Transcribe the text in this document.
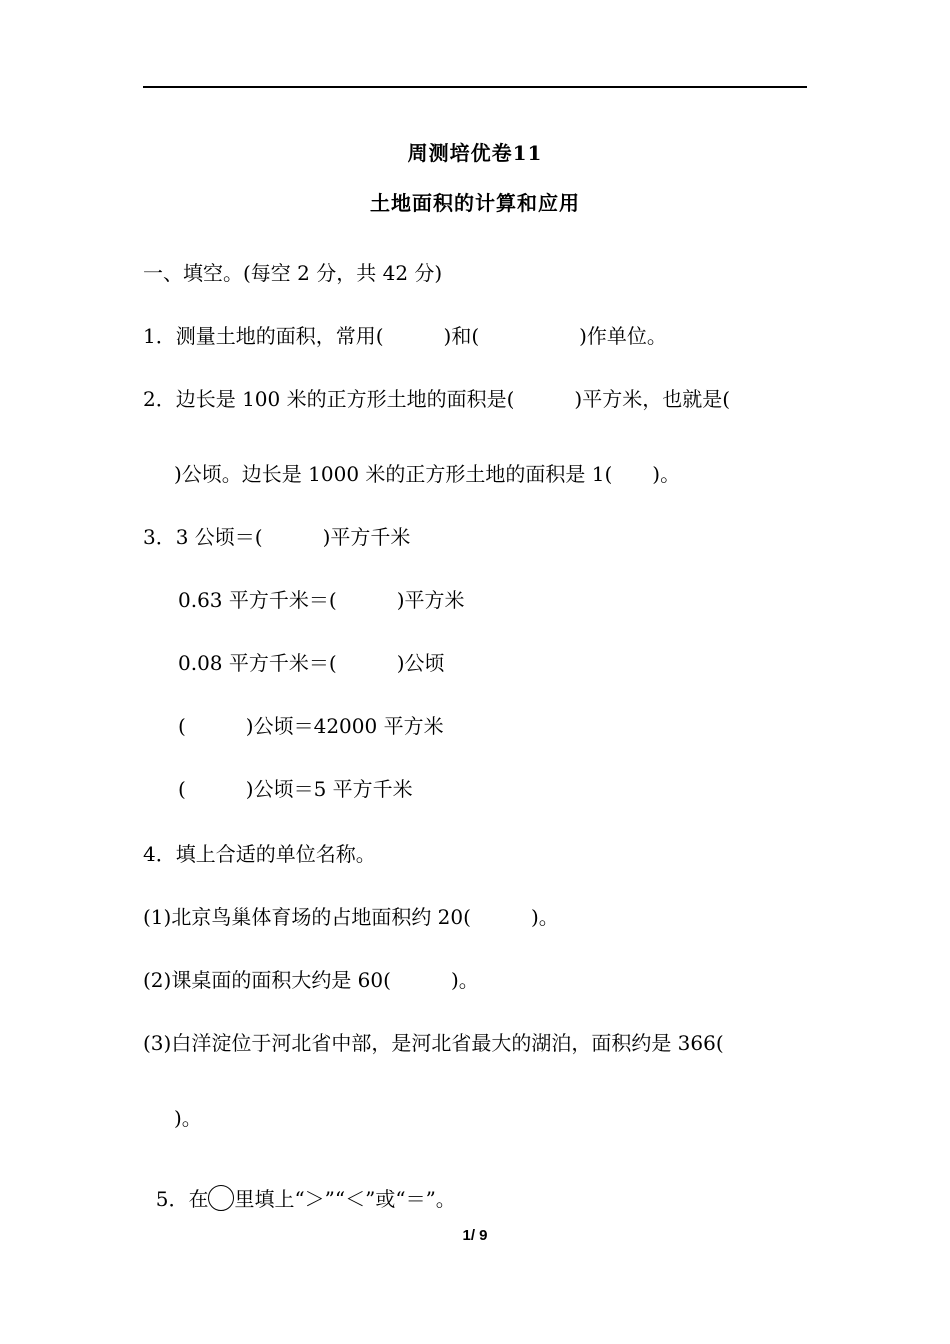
周测培优卷11
土地面积的计算和应用
一、填空。(每空 2 分，共 42 分)
1．测量土地的面积，常用(　　　)和(　　　　　)作单位。
2．边长是 100 米的正方形土地的面积是(　　　)平方米，也就是(
)公顷。边长是 1000 米的正方形土地的面积是 1(　　)。
3．3 公顷＝(　　　)平方千米
0.63 平方千米＝(　　　)平方米
0.08 平方千米＝(　　　)公顷
(　　　)公顷＝42000 平方米
(　　　)公顷＝5 平方千米
4．填上合适的单位名称。
(1)北京鸟巢体育场的占地面积约 20(　　　)。
(2)课桌面的面积大约是 60(　　　)。
(3)白洋淀位于河北省中部，是河北省最大的湖泊，面积约是 366(
)。

5．在 里填上“＞”“＜”或“＝”。

1/ 9
